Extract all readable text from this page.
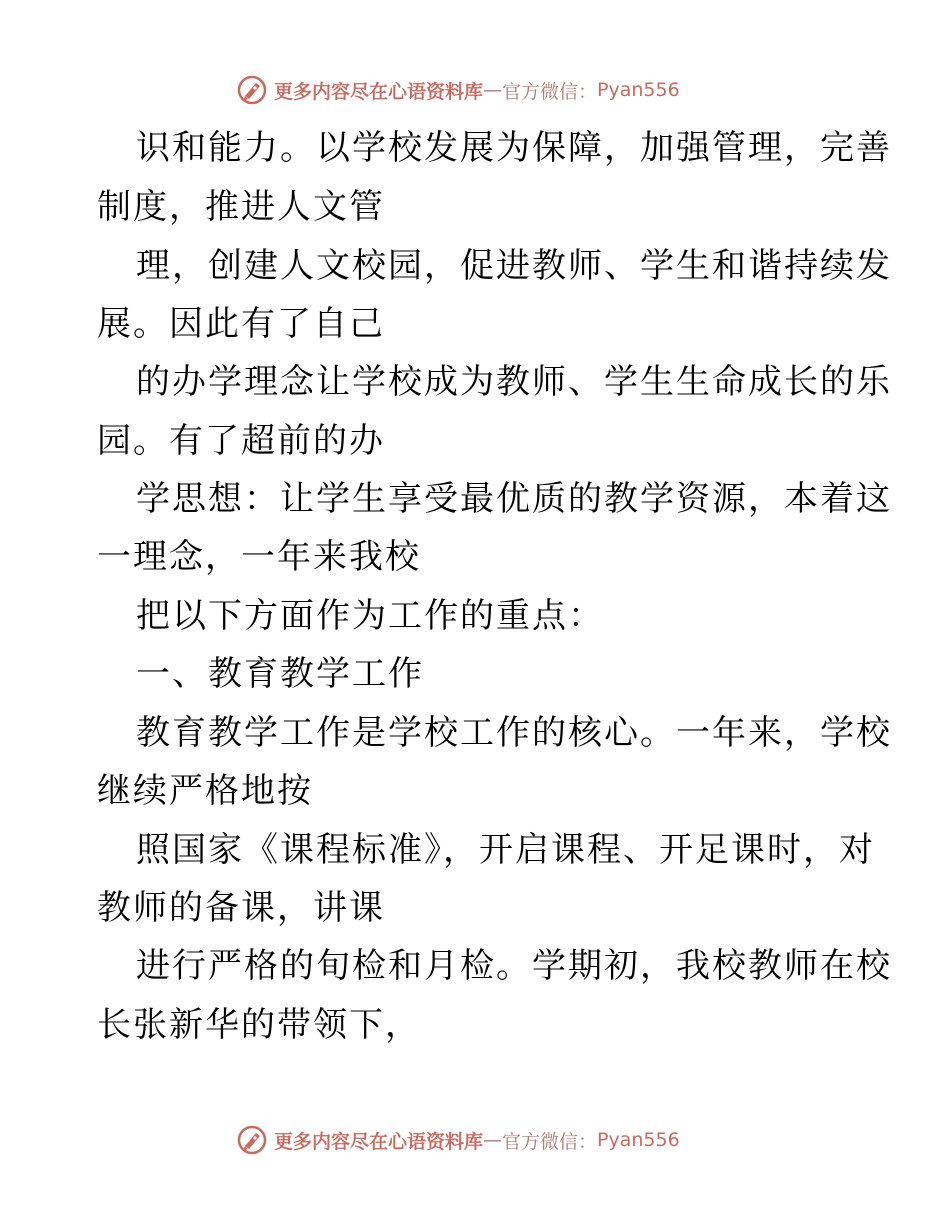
更多内容尽在心语资料库 — 官方微信： Pyan556
识和能力。以学校发展为保障，加强管理，完善
制度，推进人文管
理，创建人文校园，促进教师、学生和谐持续发
展。因此有了自己
的办学理念让学校成为教师、学生生命成长的乐
园。有了超前的办
学思想：让学生享受最优质的教学资源，本着这
一理念，一年来我校
把以下方面作为工作的重点：
一、教育教学工作
教育教学工作是学校工作的核心。一年来，学校
继续严格地按
照国家《课程标准》，开启课程、开足课时，对
教师的备课，讲课
进行严格的旬检和月检。学期初，我校教师在校
长张新华的带领下，
更多内容尽在心语资料库 — 官方微信： Pyan556
